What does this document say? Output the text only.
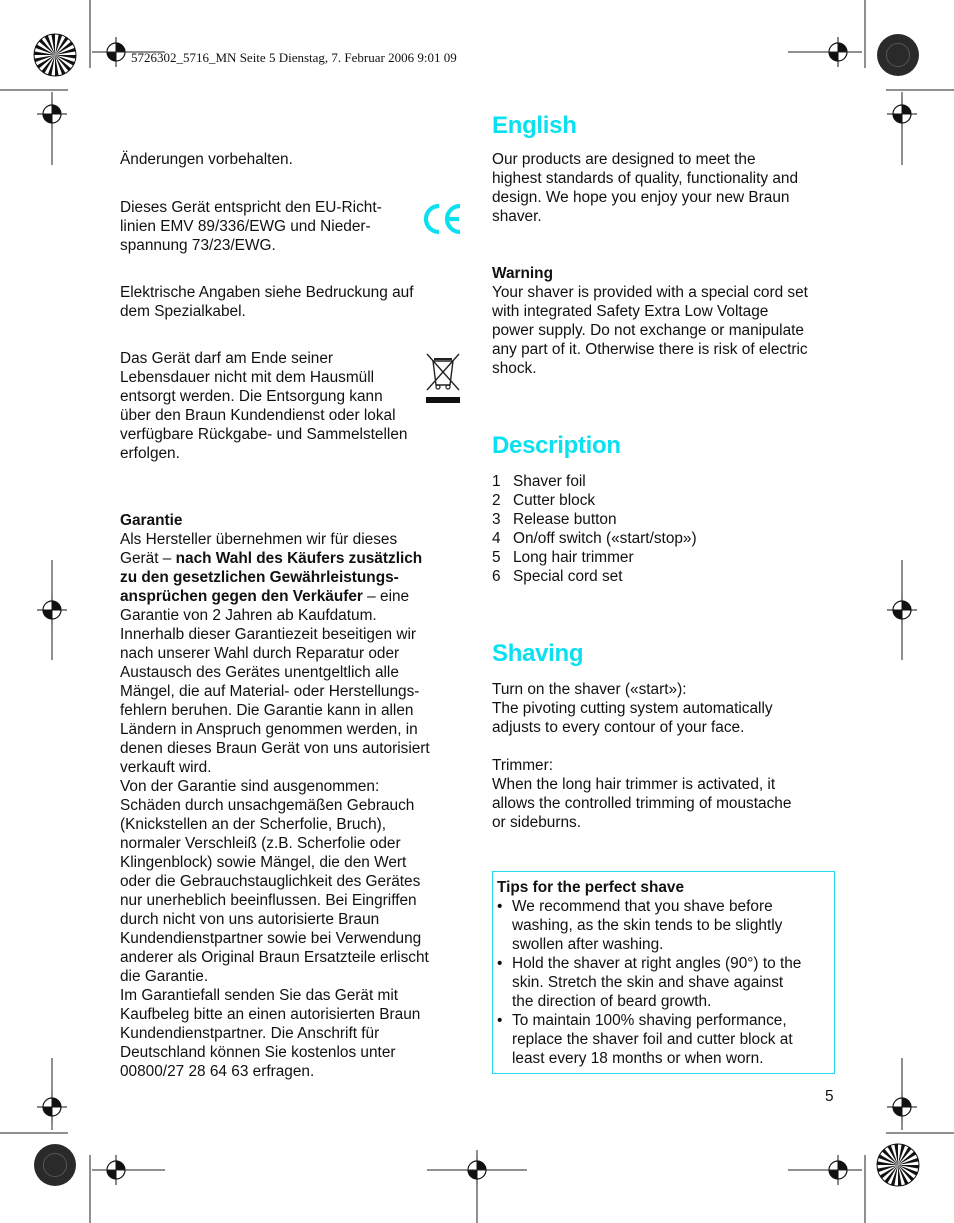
5726302_5716_MN Seite 5 Dienstag, 7. Februar 2006 9:01 09
Änderungen vorbehalten.

Dieses Gerät entspricht den EU-Richt-

linien EMV 89/336/EWG und Nieder-

spannung 73/23/EWG.

Elektrische Angaben siehe Bedruckung auf

dem Spezialkabel.

Das Gerät darf am Ende seiner

Lebensdauer nicht mit dem Hausmüll

entsorgt werden. Die Entsorgung kann

über den Braun Kundendienst oder lokal

verfügbare Rückgabe- und Sammelstellen

erfolgen.

Garantie

Als Hersteller übernehmen wir für dieses

Gerät – nach Wahl des Käufers zusätzlich

zu den gesetzlichen Gewährleistungs-

ansprüchen gegen den Verkäufer – eine

Garantie von 2 Jahren ab Kaufdatum.

Innerhalb dieser Garantiezeit beseitigen wir

nach unserer Wahl durch Reparatur oder

Austausch des Gerätes unentgeltlich alle

Mängel, die auf Material- oder Herstellungs-

fehlern beruhen. Die Garantie kann in allen

Ländern in Anspruch genommen werden, in

denen dieses Braun Gerät von uns autorisiert

verkauft wird.

Von der Garantie sind ausgenommen:

Schäden durch unsachgemäßen Gebrauch

(Knickstellen an der Scherfolie, Bruch),

normaler Verschleiß (z.B. Scherfolie oder

Klingenblock) sowie Mängel, die den Wert

oder die Gebrauchstauglichkeit des Gerätes

nur unerheblich beeinflussen. Bei Eingriffen

durch nicht von uns autorisierte Braun

Kundendienstpartner sowie bei Verwendung

anderer als Original Braun Ersatzteile erlischt

die Garantie.

Im Garantiefall senden Sie das Gerät mit

Kaufbeleg bitte an einen autorisierten Braun

Kundendienstpartner. Die Anschrift für

Deutschland können Sie kostenlos unter

00800/27 28 64 63 erfragen.

English

Our products are designed to meet the

highest standards of quality, functionality and

design. We hope you enjoy your new Braun

shaver.

Warning

Your shaver is provided with a special cord set

with integrated Safety Extra Low Voltage

power supply. Do not exchange or manipulate

any part of it. Otherwise there is risk of electric

shock.

Description
1 Shaver foil
2 Cutter block
3 Release button
4 On/off switch («start/stop»)
5 Long hair trimmer
6 Special cord set
Shaving

Turn on the shaver («start»):

The pivoting cutting system automatically

adjusts to every contour of your face.

Trimmer:

When the long hair trimmer is activated, it

allows the controlled trimming of moustache

or sideburns.

Tips for the perfect shave

• We recommend that you shave before

washing, as the skin tends to be slightly

swollen after washing.

• Hold the shaver at right angles (90°) to the

skin. Stretch the skin and shave against

the direction of beard growth.

• To maintain 100% shaving performance,

replace the shaver foil and cutter block at

least every 18 months or when worn.

5
